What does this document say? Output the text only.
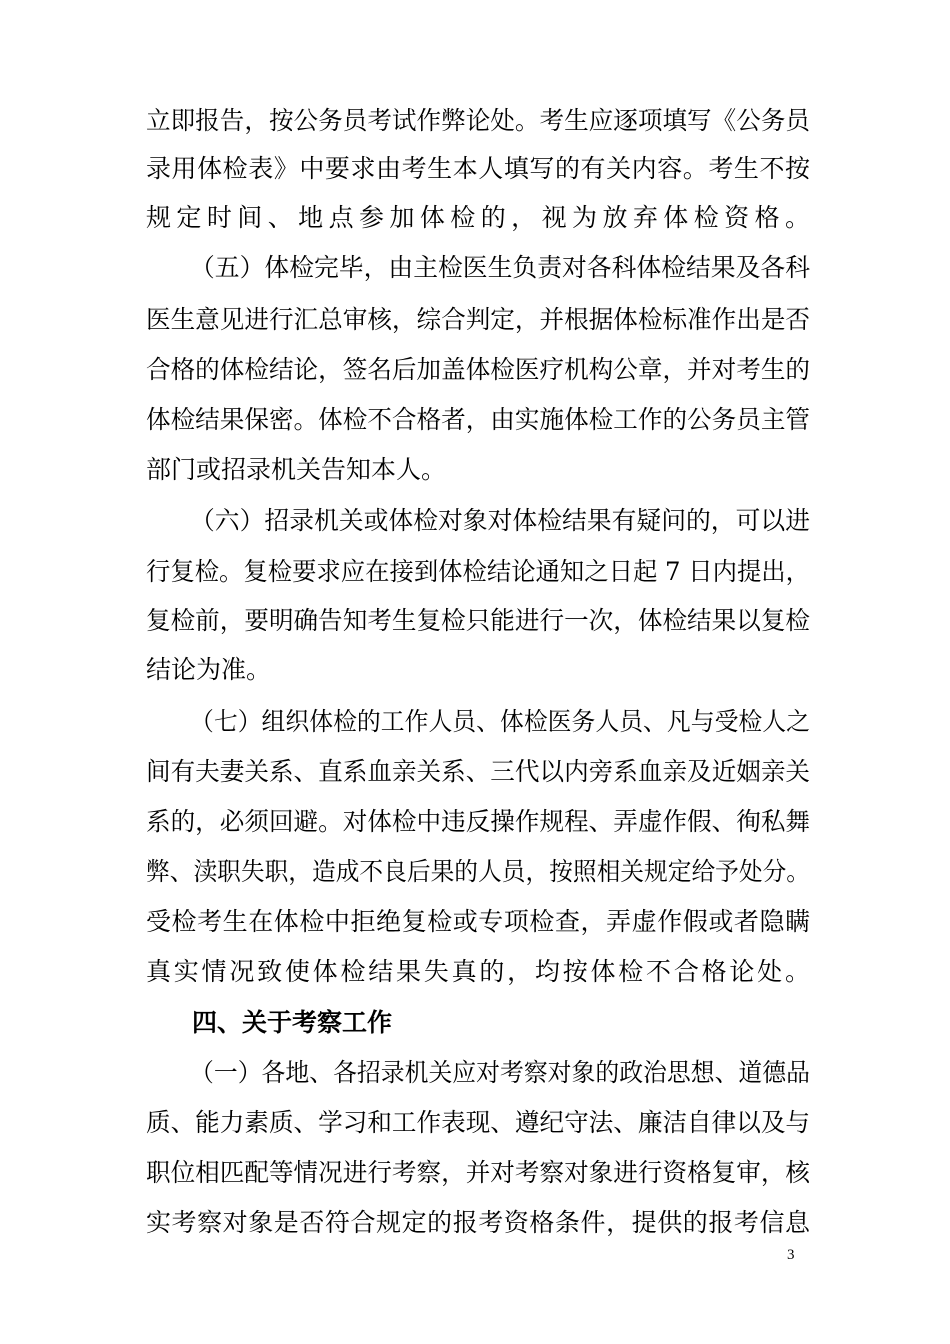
立即报告，按公务员考试作弊论处。考生应逐项填写《公务员
录用体检表》中要求由考生本人填写的有关内容。考生不按
规定时间、地点参加体检的，视为放弃体检资格。
（五）体检完毕，由主检医生负责对各科体检结果及各科
医生意见进行汇总审核，综合判定，并根据体检标准作出是否
合格的体检结论，签名后加盖体检医疗机构公章，并对考生的
体检结果保密。体检不合格者，由实施体检工作的公务员主管
部门或招录机关告知本人。
（六）招录机关或体检对象对体检结果有疑问的，可以进
行复检。复检要求应在接到体检结论通知之日起 7 日内提出，
复检前，要明确告知考生复检只能进行一次，体检结果以复检
结论为准。
（七）组织体检的工作人员、体检医务人员、凡与受检人之
间有夫妻关系、直系血亲关系、三代以内旁系血亲及近姻亲关
系的，必须回避。对体检中违反操作规程、弄虚作假、徇私舞
弊、渎职失职，造成不良后果的人员，按照相关规定给予处分。
受检考生在体检中拒绝复检或专项检查，弄虚作假或者隐瞒
真实情况致使体检结果失真的，均按体检不合格论处。
四、关于考察工作
（一）各地、各招录机关应对考察对象的政治思想、道德品
质、能力素质、学习和工作表现、遵纪守法、廉洁自律以及与
职位相匹配等情况进行考察，并对考察对象进行资格复审，核
实考察对象是否符合规定的报考资格条件，提供的报考信息
3
